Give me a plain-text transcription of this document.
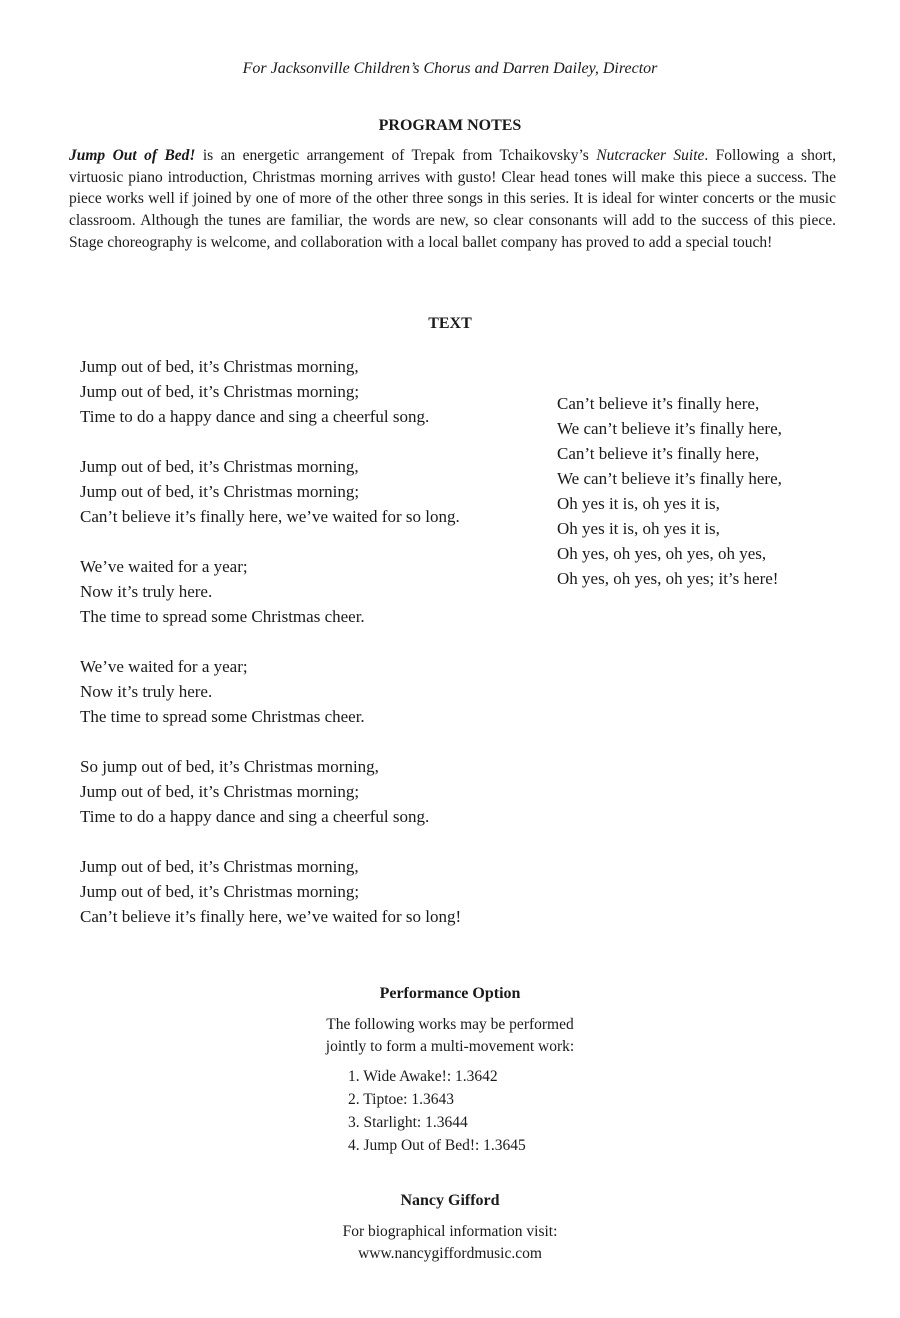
For Jacksonville Children’s Chorus and Darren Dailey, Director
PROGRAM NOTES
Jump Out of Bed! is an energetic arrangement of Trepak from Tchaikovsky’s Nutcracker Suite. Following a short, virtuosic piano introduction, Christmas morning arrives with gusto! Clear head tones will make this piece a success. The piece works well if joined by one of more of the other three songs in this series. It is ideal for winter concerts or the music classroom. Although the tunes are familiar, the words are new, so clear consonants will add to the success of this piece. Stage choreography is welcome, and collaboration with a local ballet company has proved to add a special touch!
TEXT
Jump out of bed, it’s Christmas morning,
Jump out of bed, it’s Christmas morning;
Time to do a happy dance and sing a cheerful song.
Jump out of bed, it’s Christmas morning,
Jump out of bed, it’s Christmas morning;
Can’t believe it’s finally here, we’ve waited for so long.
We’ve waited for a year;
Now it’s truly here.
The time to spread some Christmas cheer.
We’ve waited for a year;
Now it’s truly here.
The time to spread some Christmas cheer.
So jump out of bed, it’s Christmas morning,
Jump out of bed, it’s Christmas morning;
Time to do a happy dance and sing a cheerful song.
Jump out of bed, it’s Christmas morning,
Jump out of bed, it’s Christmas morning;
Can’t believe it’s finally here, we’ve waited for so long!
Can’t believe it’s finally here,
We can’t believe it’s finally here,
Can’t believe it’s finally here,
We can’t believe it’s finally here,
Oh yes it is, oh yes it is,
Oh yes it is, oh yes it is,
Oh yes, oh yes, oh yes, oh yes,
Oh yes, oh yes, oh yes; it’s here!
Performance Option
The following works may be performed
jointly to form a multi-movement work:
1. Wide Awake!: 1.3642
2. Tiptoe: 1.3643
3. Starlight: 1.3644
4. Jump Out of Bed!: 1.3645
Nancy Gifford
For biographical information visit:
www.nancygiffordmusic.com
